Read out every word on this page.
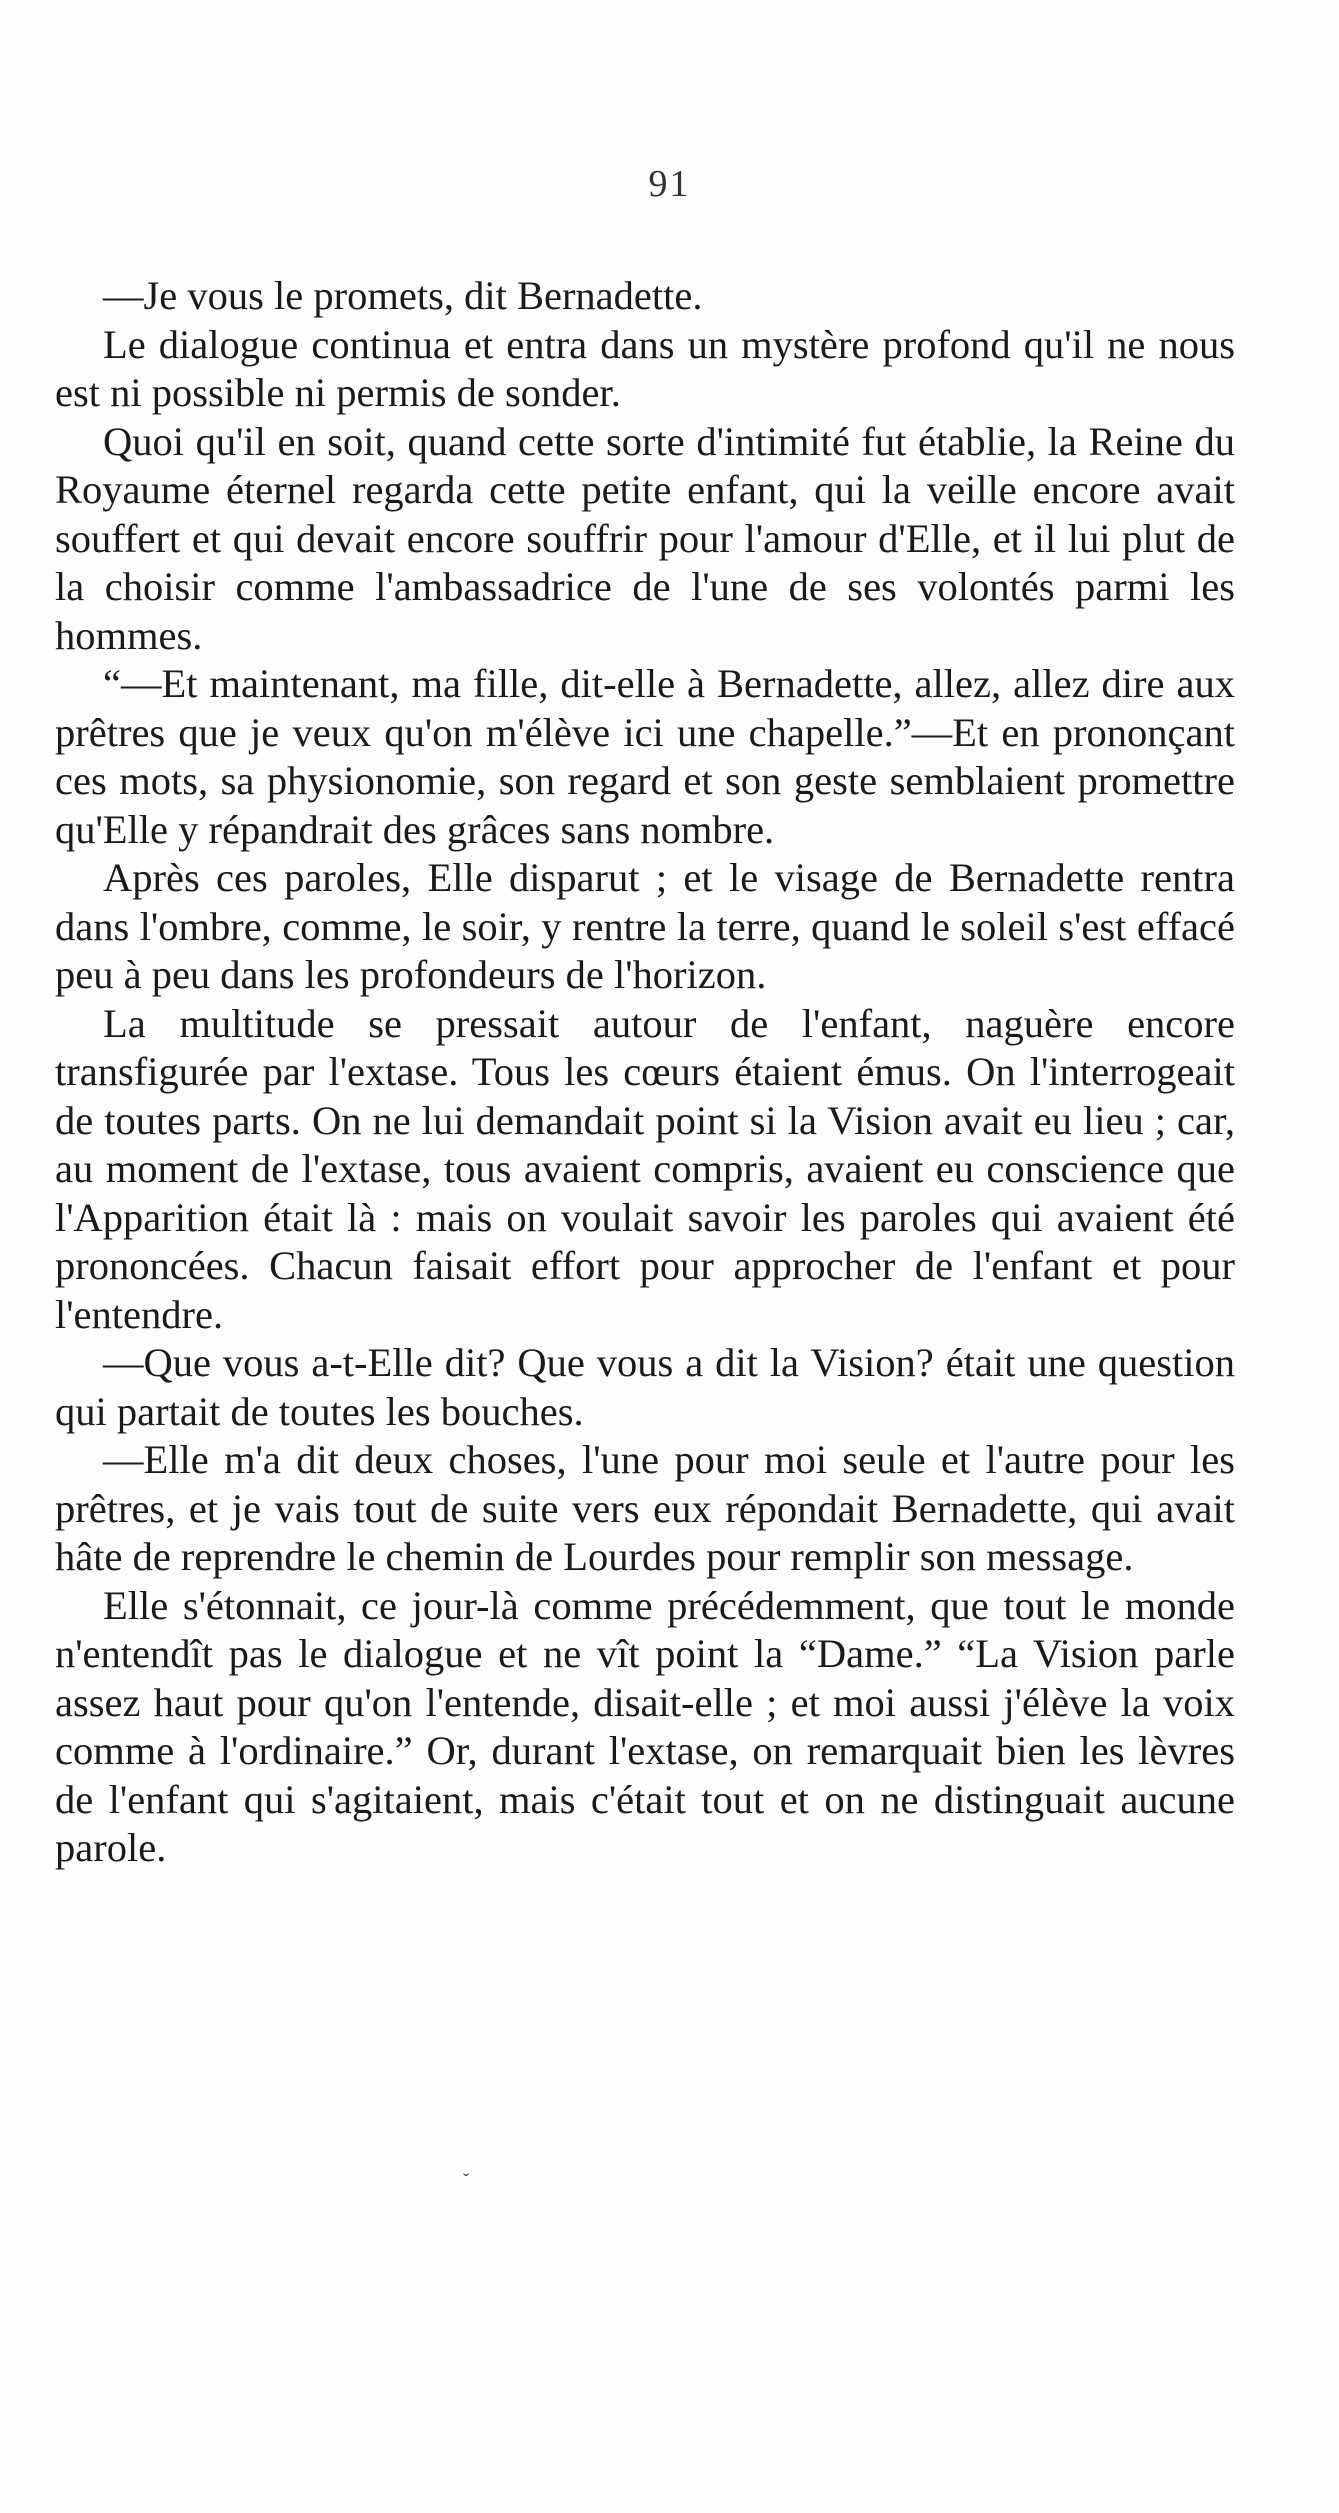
91

—Je vous le promets, dit Bernadette.

Le dialogue continua et entra dans un mystère profond qu'il ne nous est ni possible ni permis de sonder.

Quoi qu'il en soit, quand cette sorte d'intimité fut établie, la Reine du Royaume éternel regarda cette petite enfant, qui la veille encore avait souffert et qui devait encore souffrir pour l'amour d'Elle, et il lui plut de la choisir comme l'ambassadrice de l'une de ses volontés parmi les hommes.

“—Et maintenant, ma fille, dit-elle à Bernadette, allez, allez dire aux prêtres que je veux qu'on m'élève ici une chapelle.”—Et en prononçant ces mots, sa physionomie, son regard et son geste semblaient promettre qu'Elle y répandrait des grâces sans nombre.

Après ces paroles, Elle disparut ; et le visage de Bernadette rentra dans l'ombre, comme, le soir, y rentre la terre, quand le soleil s'est effacé peu à peu dans les profondeurs de l'horizon.

La multitude se pressait autour de l'enfant, naguère encore transfigurée par l'extase. Tous les cœurs étaient émus. On l'interrogeait de toutes parts. On ne lui demandait point si la Vision avait eu lieu ; car, au moment de l'extase, tous avaient compris, avaient eu conscience que l'Apparition était là : mais on voulait savoir les paroles qui avaient été prononcées. Chacun faisait effort pour approcher de l'enfant et pour l'entendre.

—Que vous a-t-Elle dit? Que vous a dit la Vision? était une question qui partait de toutes les bouches.

—Elle m'a dit deux choses, l'une pour moi seule et l'autre pour les prêtres, et je vais tout de suite vers eux répondait Bernadette, qui avait hâte de reprendre le chemin de Lourdes pour remplir son message.

Elle s'étonnait, ce jour-là comme précédemment, que tout le monde n'entendît pas le dialogue et ne vît point la “Dame.” “La Vision parle assez haut pour qu'on l'entende, disait-elle ; et moi aussi j'élève la voix comme à l'ordinaire.” Or, durant l'extase, on remarquait bien les lèvres de l'enfant qui s'agitaient, mais c'était tout et on ne distinguait aucune parole.

ˇ
